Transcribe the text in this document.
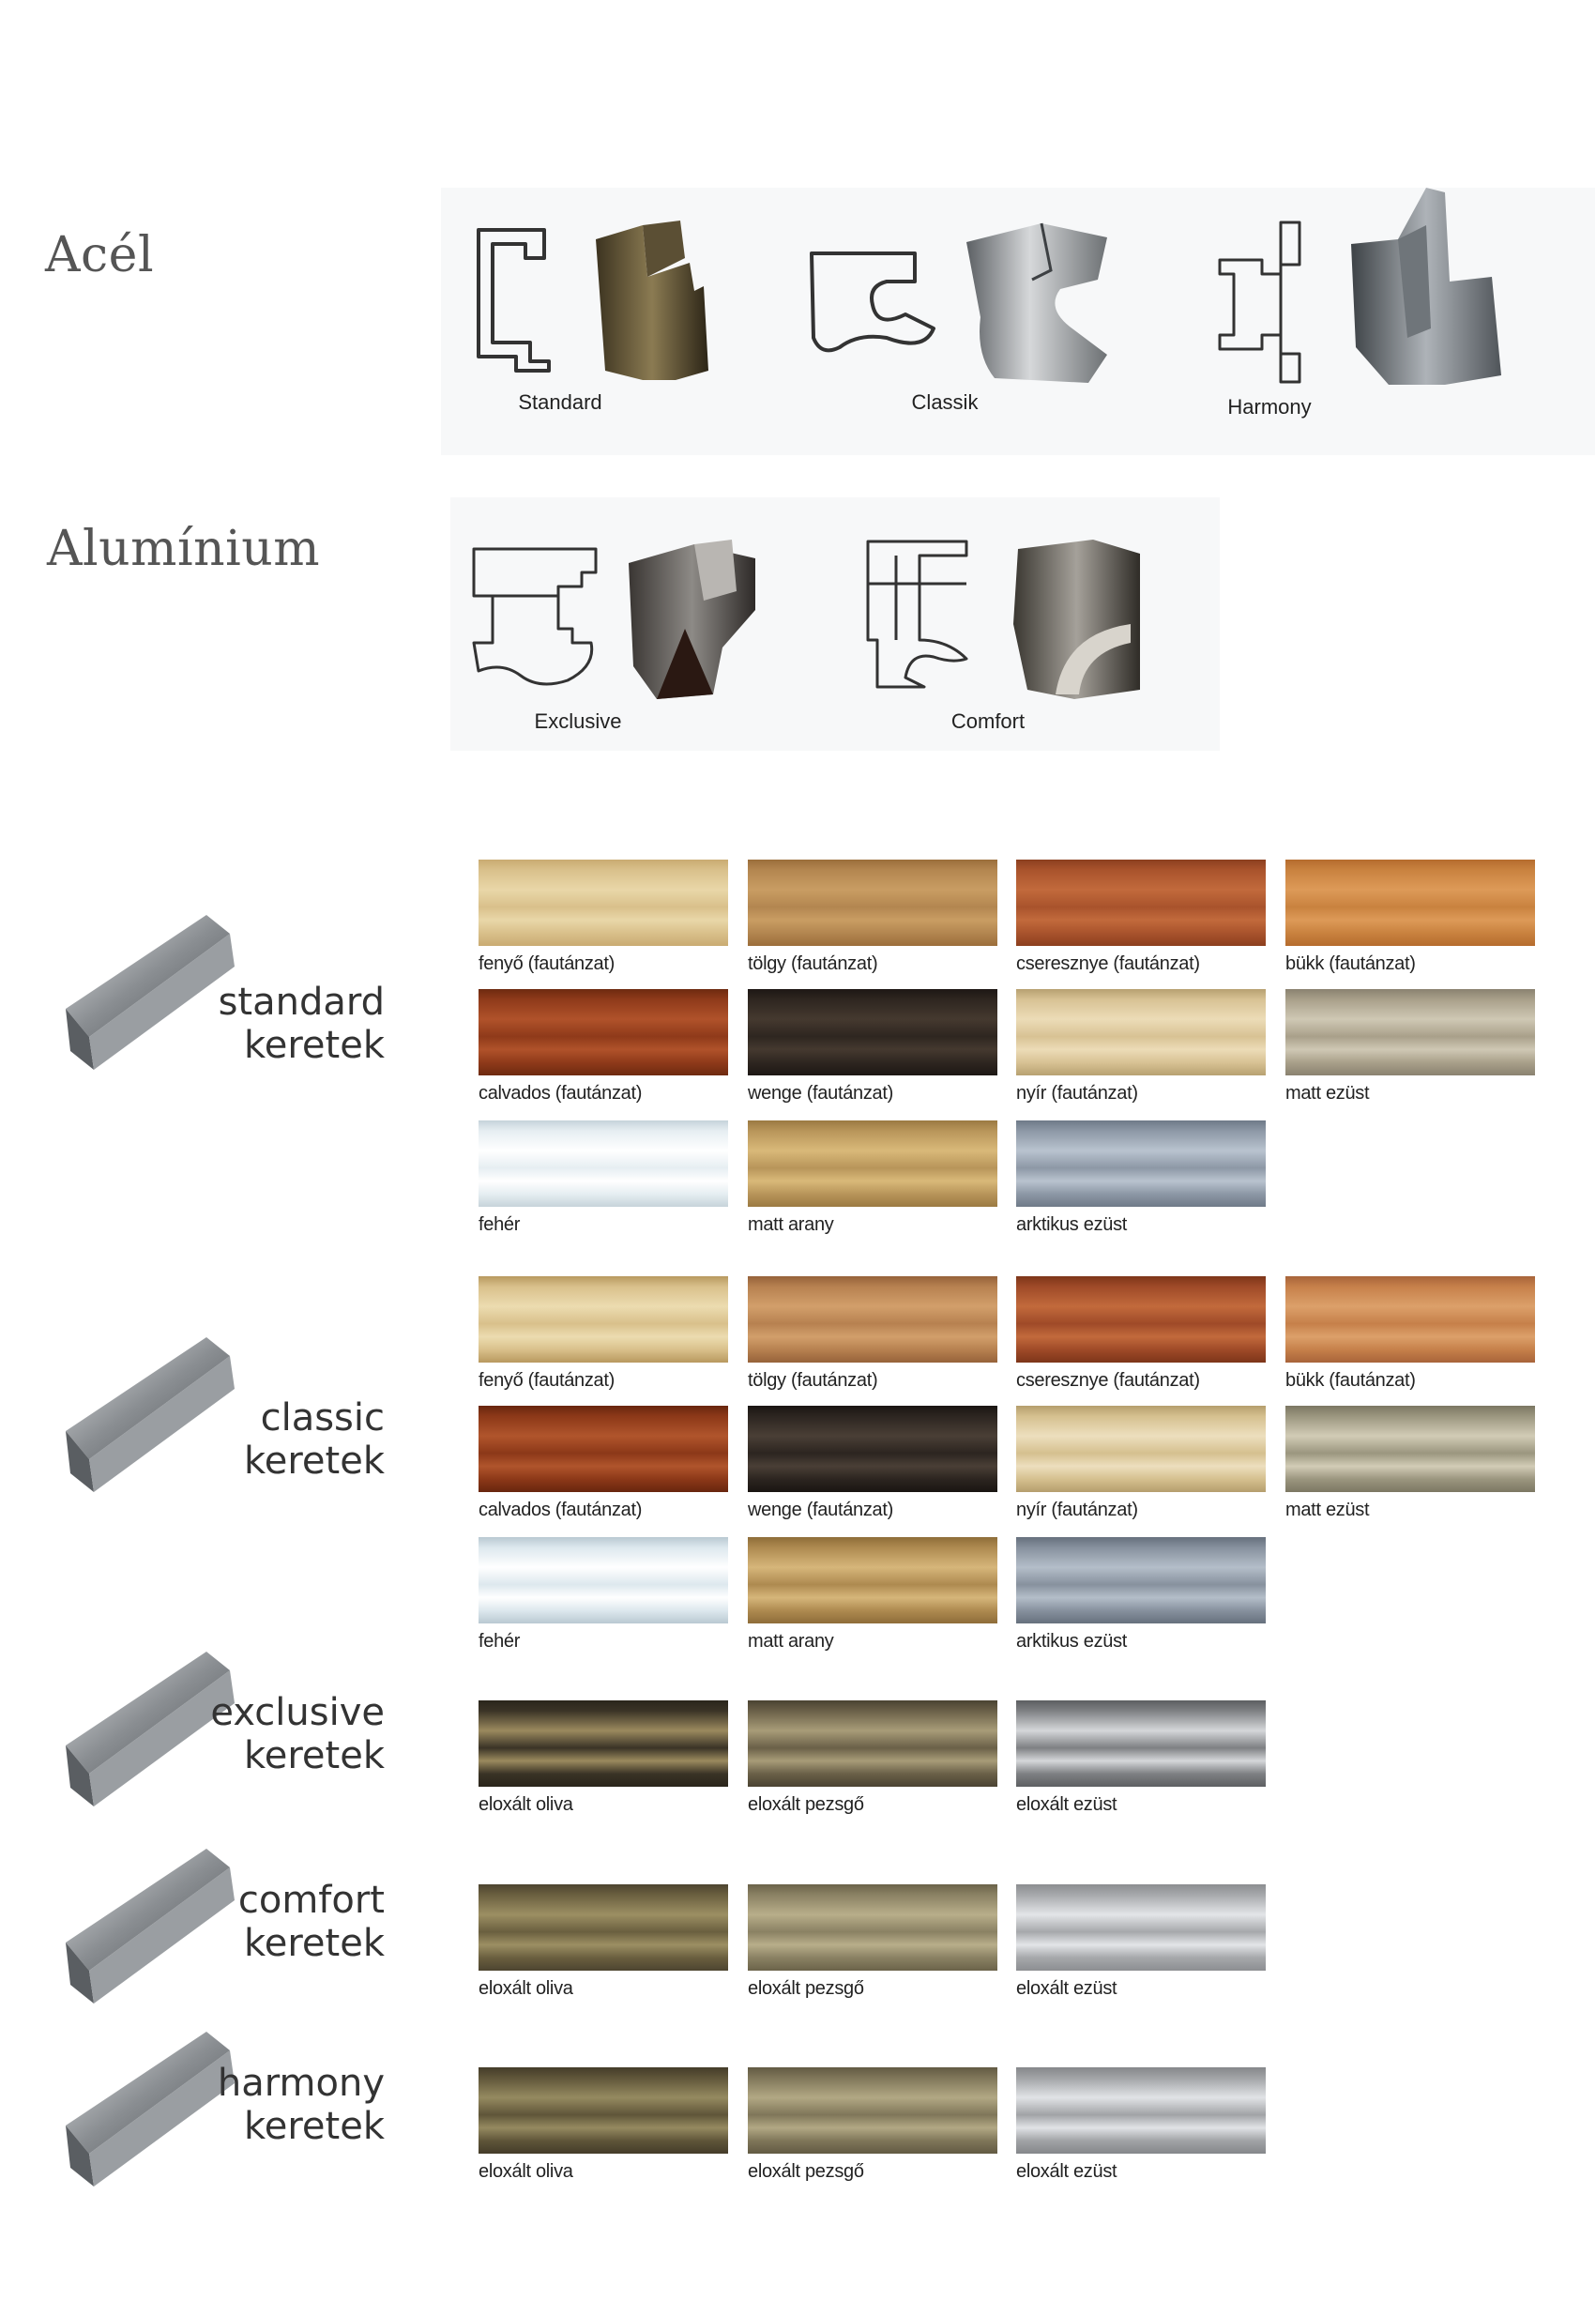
Acél
Standard	Classik	Harmony
Alumínium
Exclusive	Comfort
standard
keretek
fenyő (fautánzat)	tölgy (fautánzat)	cseresznye (fautánzat)	bükk (fautánzat)
calvados (fautánzat)	wenge (fautánzat)	nyír (fautánzat)	matt ezüst
fehér	matt arany	arktikus ezüst
classic
keretek
fenyő (fautánzat)	tölgy (fautánzat)	cseresznye (fautánzat)	bükk (fautánzat)
calvados (fautánzat)	wenge (fautánzat)	nyír (fautánzat)	matt ezüst
fehér	matt arany	arktikus ezüst
exclusive
keretek
eloxált oliva	eloxált pezsgő	eloxált ezüst
comfort
keretek
eloxált oliva	eloxált pezsgő	eloxált ezüst
harmony
keretek
eloxált oliva	eloxált pezsgő	eloxált ezüst
